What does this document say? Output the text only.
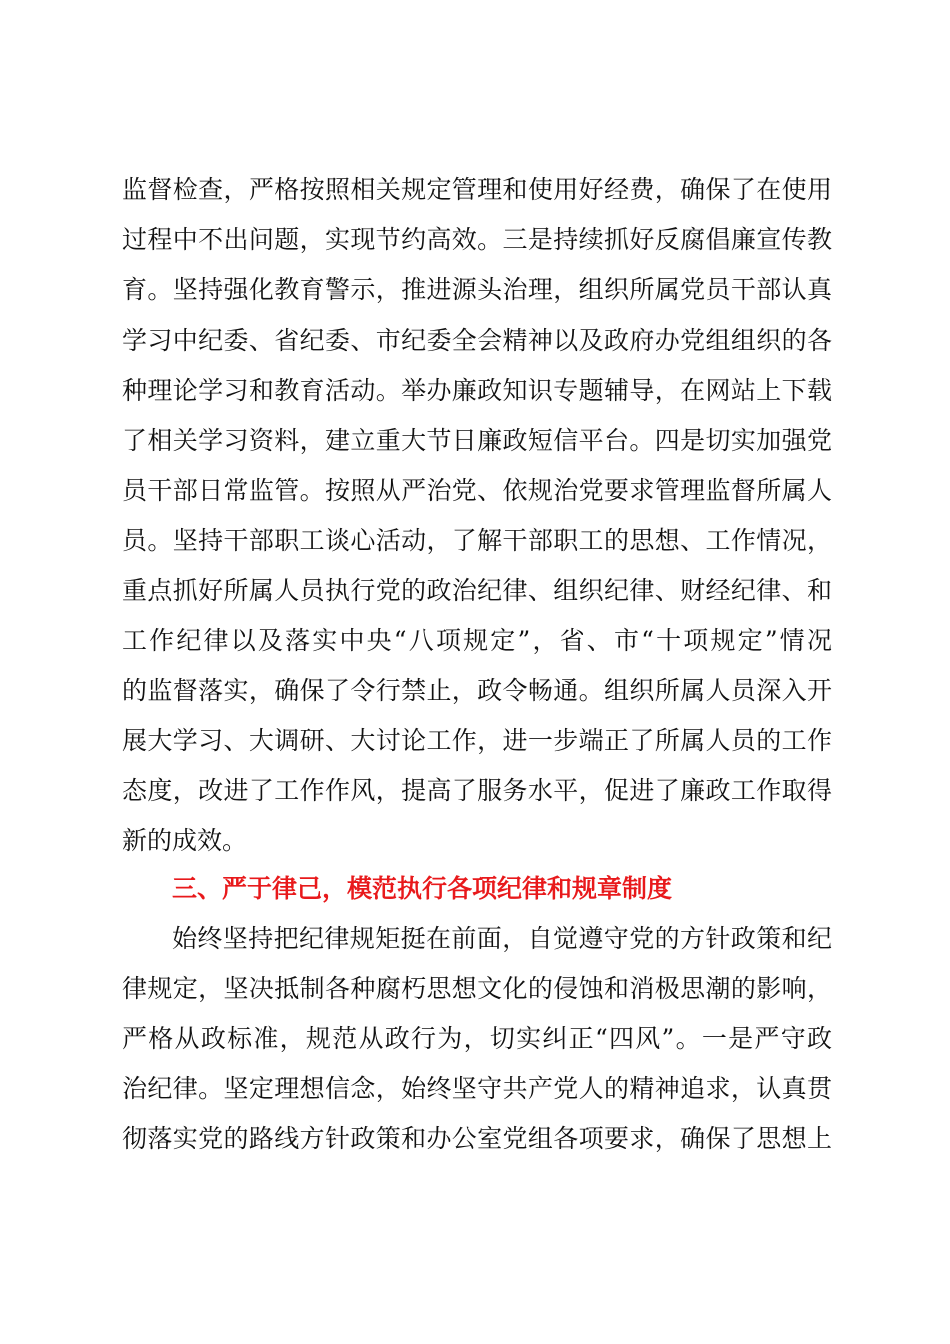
监督检查，严格按照相关规定管理和使用好经费，确保了在使用
过程中不出问题，实现节约高效。三是持续抓好反腐倡廉宣传教
育。坚持强化教育警示，推进源头治理，组织所属党员干部认真
学习中纪委、省纪委、市纪委全会精神以及政府办党组组织的各
种理论学习和教育活动。举办廉政知识专题辅导，在网站上下载
了相关学习资料，建立重大节日廉政短信平台。四是切实加强党
员干部日常监管。按照从严治党、依规治党要求管理监督所属人
员。坚持干部职工谈心活动，了解干部职工的思想、工作情况，
重点抓好所属人员执行党的政治纪律、组织纪律、财经纪律、和
工作纪律以及落实中央“八项规定”，省、市“十项规定”情况
的监督落实，确保了令行禁止，政令畅通。组织所属人员深入开
展大学习、大调研、大讨论工作，进一步端正了所属人员的工作
态度，改进了工作作风，提高了服务水平，促进了廉政工作取得
新的成效。
三、严于律己，模范执行各项纪律和规章制度
始终坚持把纪律规矩挺在前面，自觉遵守党的方针政策和纪
律规定，坚决抵制各种腐朽思想文化的侵蚀和消极思潮的影响，
严格从政标准，规范从政行为，切实纠正“四风”。一是严守政
治纪律。坚定理想信念，始终坚守共产党人的精神追求，认真贯
彻落实党的路线方针政策和办公室党组各项要求，确保了思想上
